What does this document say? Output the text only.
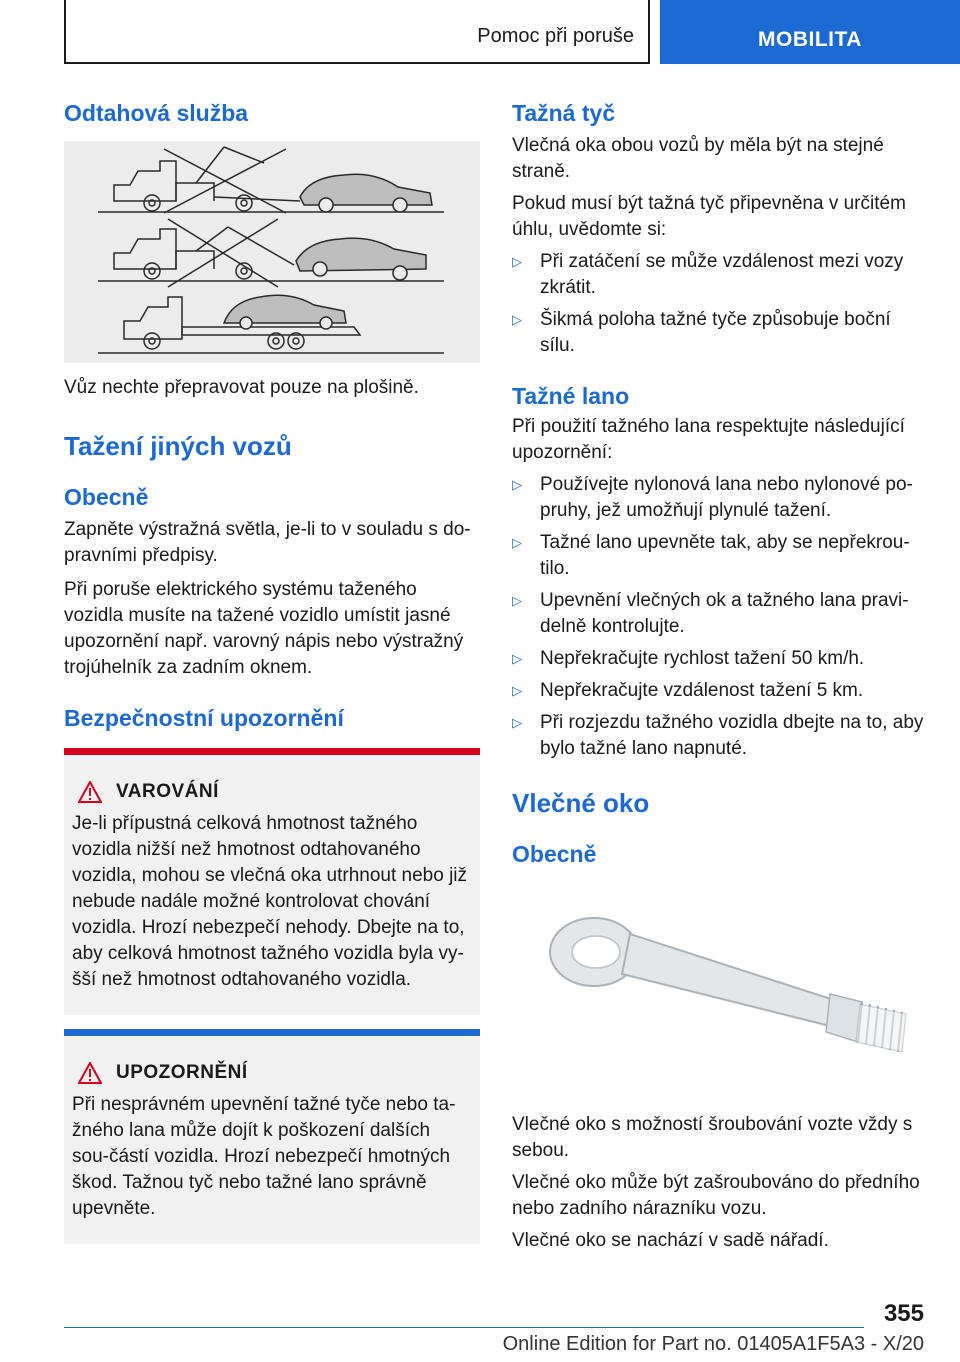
Pomoc při poruše	MOBILITA
Odtahová služba

Vůz nechte přepravovat pouze na plošině.

Tažení jiných vozů
Obecně

Zapněte výstražná světla, je-li to v souladu s do-pravními předpisy.

Při poruše elektrického systému taženého vozidla musíte na tažené vozidlo umístit jasné upozornění např. varovný nápis nebo výstražný trojúhelník za zadním oknem.

Bezpečnostní upozornění
VAROVÁNÍ

Je-li přípustná celková hmotnost tažného vozidla nižší než hmotnost odtahovaného vozidla, mohou se vlečná oka utrhnout nebo již nebude nadále možné kontrolovat chování vozidla. Hrozí nebezpečí nehody. Dbejte na to, aby celková hmotnost tažného vozidla byla vy-šší než hmotnost odtahovaného vozidla.

UPOZORNĚNÍ

Při nesprávném upevnění tažné tyče nebo ta-žného lana může dojít k poškození dalších sou-částí vozidla. Hrozí nebezpečí hmotných škod. Tažnou tyč nebo tažné lano správně upevněte.

Tažná tyč

Vlečná oka obou vozů by měla být na stejné straně.

Pokud musí být tažná tyč připevněna v určitém úhlu, uvědomte si:

▷ Při zatáčení se může vzdálenost mezi vozy zkrátit.
▷ Šikmá poloha tažné tyče způsobuje boční sílu.
Tažné lano

Při použití tažného lana respektujte následující upozornění:

▷ Používejte nylonová lana nebo nylonové po-pruhy, jež umožňují plynulé tažení.
▷ Tažné lano upevněte tak, aby se nepřekrou-tilo.
▷ Upevnění vlečných ok a tažného lana pravi-delně kontrolujte.
▷ Nepřekračujte rychlost tažení 50 km/h.
▷ Nepřekračujte vzdálenost tažení 5 km.
▷ Při rozjezdu tažného vozidla dbejte na to, aby bylo tažné lano napnuté.
Vlečné oko
Obecně

Vlečné oko s možností šroubování vozte vždy s sebou.

Vlečné oko může být zašroubováno do předního nebo zadního nárazníku vozu.

Vlečné oko se nachází v sadě nářadí.

355
Online Edition for Part no. 01405A1F5A3 - X/20
